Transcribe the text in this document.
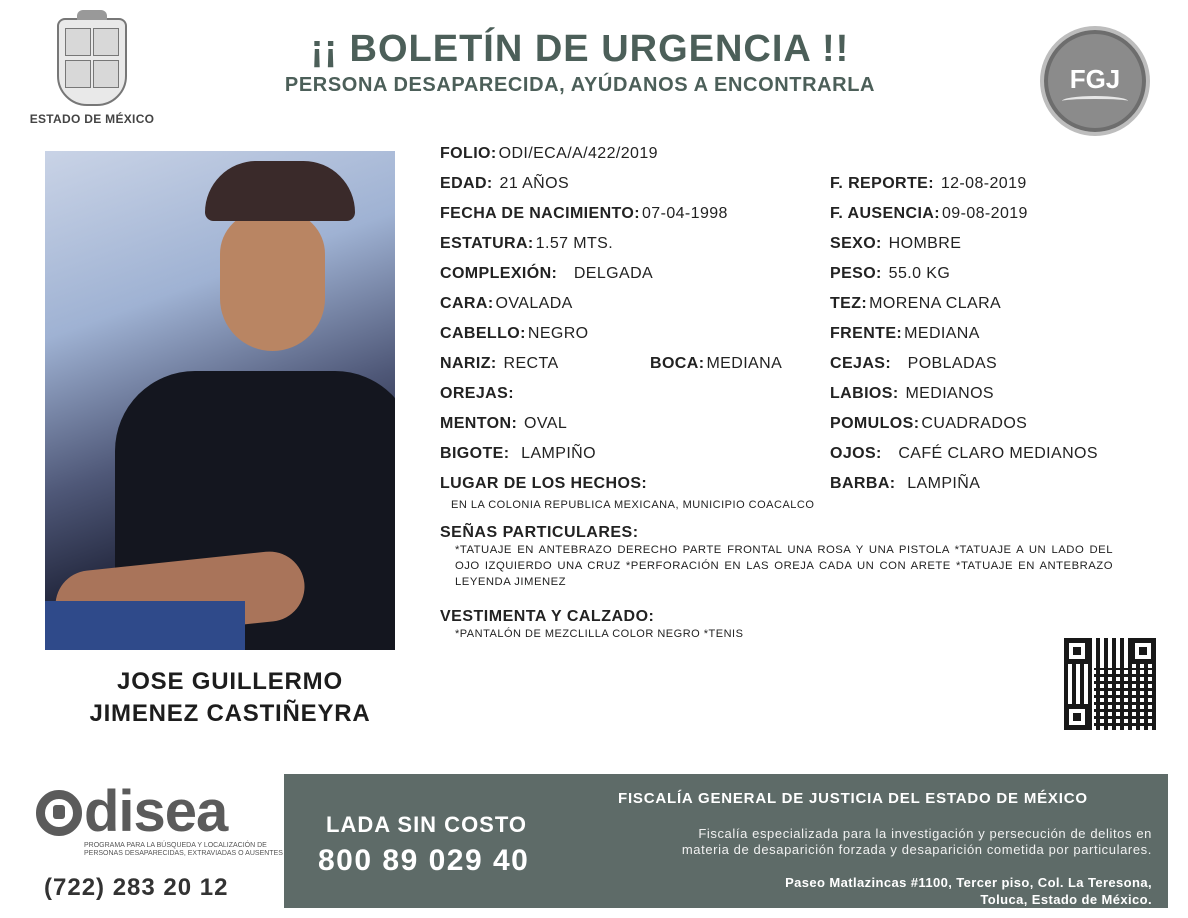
ESTADO DE MÉXICO
¡¡ BOLETÍN DE URGENCIA !!
PERSONA DESAPARECIDA, AYÚDANOS A ENCONTRARLA	FGJ
JOSE GUILLERMO
JIMENEZ CASTIÑEYRA
FOLIO: ODI/ECA/A/422/2019
EDAD: 21 AÑOS
FECHA DE NACIMIENTO: 07-04-1998
ESTATURA: 1.57 MTS.
COMPLEXIÓN: DELGADA
CARA: OVALADA
CABELLO: NEGRO
NARIZ: RECTA	BOCA: MEDIANA
OREJAS:
MENTON: OVAL
BIGOTE: LAMPIÑO
LUGAR DE LOS HECHOS:
EN LA COLONIA REPUBLICA MEXICANA, MUNICIPIO COACALCO
F. REPORTE: 12-08-2019
F. AUSENCIA: 09-08-2019
SEXO: HOMBRE
PESO: 55.0 KG
TEZ: MORENA CLARA
FRENTE: MEDIANA
CEJAS: POBLADAS
LABIOS: MEDIANOS
POMULOS: CUADRADOS
OJOS: CAFÉ CLARO MEDIANOS
BARBA: LAMPIÑA
SEÑAS PARTICULARES:
*TATUAJE EN ANTEBRAZO DERECHO PARTE FRONTAL UNA ROSA Y UNA PISTOLA *TATUAJE A UN LADO DEL OJO IZQUIERDO UNA CRUZ *PERFORACIÓN EN LAS OREJA CADA UN CON ARETE *TATUAJE EN ANTEBRAZO LEYENDA JIMENEZ
VESTIMENTA Y CALZADO:
*PANTALÓN DE MEZCLILLA COLOR NEGRO *TENIS
disea
PROGRAMA PARA LA BÚSQUEDA Y LOCALIZACIÓN DE PERSONAS DESAPARECIDAS, EXTRAVIADAS O AUSENTES
(722) 283 20 12
LADA SIN COSTO
800 89 029 40
FISCALÍA GENERAL DE JUSTICIA DEL ESTADO DE MÉXICO
Fiscalía especializada para la investigación y persecución de delitos en
materia de desaparición forzada y desaparición cometida por particulares.
Paseo Matlazincas #1100, Tercer piso, Col. La Teresona,
Toluca, Estado de México.
